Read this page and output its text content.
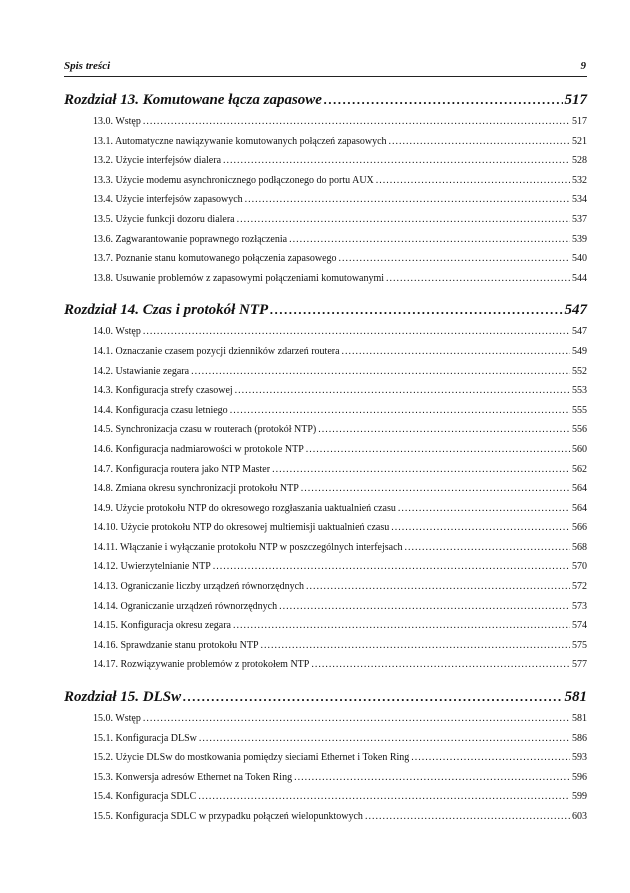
Spis treści	9
Rozdział 13. Komutowane łącza zapasowe .....	517
13.0. Wstęp .....	517
13.1. Automatyczne nawiązywanie komutowanych połączeń zapasowych .....	521
13.2. Użycie interfejsów dialera .....	528
13.3. Użycie modemu asynchronicznego podłączonego do portu AUX .....	532
13.4. Użycie interfejsów zapasowych .....	534
13.5. Użycie funkcji dozoru dialera .....	537
13.6. Zagwarantowanie poprawnego rozłączenia .....	539
13.7. Poznanie stanu komutowanego połączenia zapasowego .....	540
13.8. Usuwanie problemów z zapasowymi połączeniami komutowanymi .....	544
Rozdział 14. Czas i protokół NTP .....	547
14.0. Wstęp .....	547
14.1. Oznaczanie czasem pozycji dzienników zdarzeń routera .....	549
14.2. Ustawianie zegara .....	552
14.3. Konfiguracja strefy czasowej .....	553
14.4. Konfiguracja czasu letniego .....	555
14.5. Synchronizacja czasu w routerach (protokół NTP) .....	556
14.6. Konfiguracja nadmiarowości w protokole NTP .....	560
14.7. Konfiguracja routera jako NTP Master .....	562
14.8. Zmiana okresu synchronizacji protokołu NTP .....	564
14.9. Użycie protokołu NTP do okresowego rozgłaszania uaktualnień czasu .....	564
14.10. Użycie protokołu NTP do okresowej multiemisji uaktualnień czasu .....	566
14.11. Włączanie i wyłączanie protokołu NTP w poszczególnych interfejsach .....	568
14.12. Uwierzytelnianie NTP .....	570
14.13. Ograniczanie liczby urządzeń równorzędnych .....	572
14.14. Ograniczanie urządzeń równorzędnych .....	573
14.15. Konfiguracja okresu zegara .....	574
14.16. Sprawdzanie stanu protokołu NTP .....	575
14.17. Rozwiązywanie problemów z protokołem NTP .....	577
Rozdział 15. DLSw .....	581
15.0. Wstęp .....	581
15.1. Konfiguracja DLSw .....	586
15.2. Użycie DLSw do mostkowania pomiędzy sieciami Ethernet i Token Ring .....	593
15.3. Konwersja adresów Ethernet na Token Ring .....	596
15.4. Konfiguracja SDLC .....	599
15.5. Konfiguracja SDLC w przypadku połączeń wielopunktowych .....	603
